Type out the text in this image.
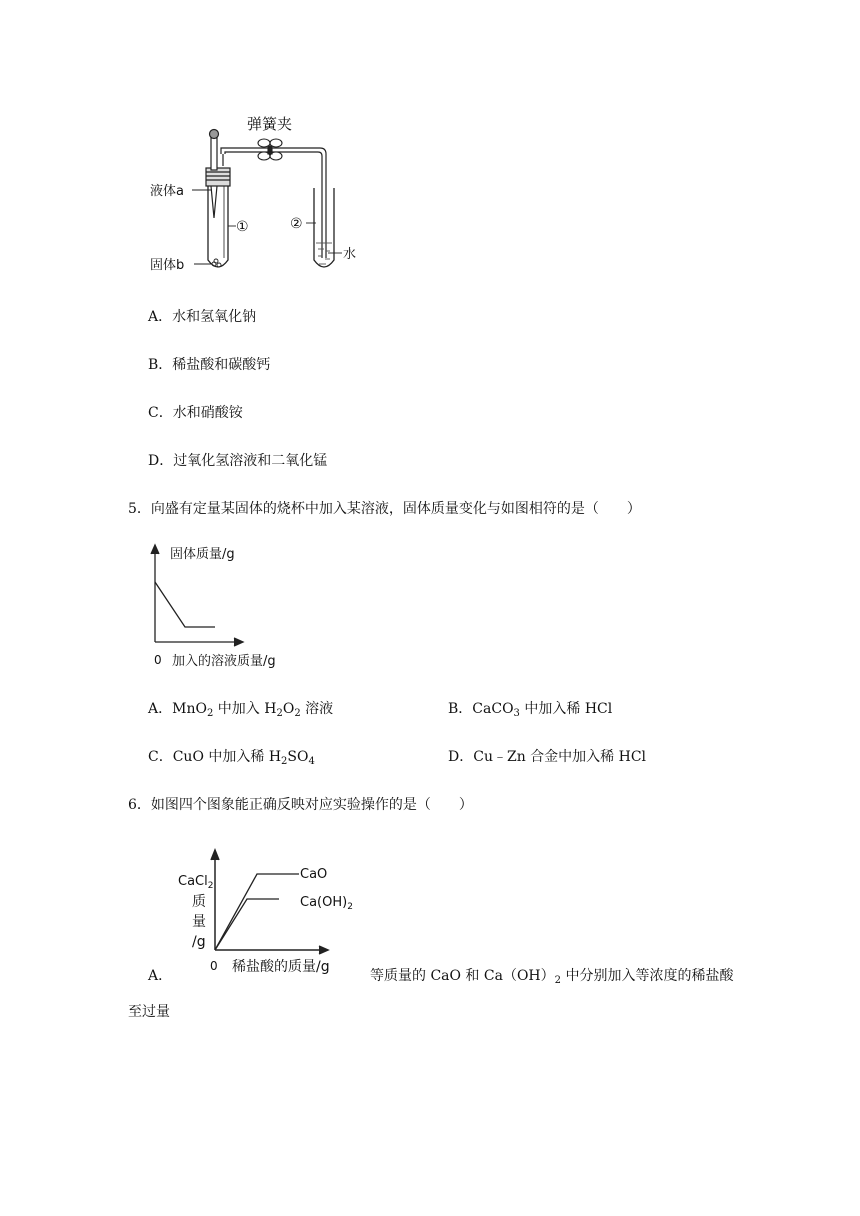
弹簧夹
液体a
固体b
①	②
水
A．水和氢氧化钠
B．稀盐酸和碳酸钙
C．水和硝酸铵
D．过氧化氢溶液和二氧化锰
5．向盛有定量某固体的烧杯中加入某溶液，固体质量变化与如图相符的是（　　）
固体质量/g
0 加入的溶液质量/g
A．MnO$_2$ 中加入 $H_2O_2$ 溶液	B．CaCO$_3$ 中加入稀 HCl
C．CuO 中加入稀 $H_2SO_4$	D．Cu﹣Zn 合金中加入稀 HCl
6．如图四个图象能正确反映对应实验操作的是（　　）
CaCl$_2$
质
量
/g
CaO
$Ca(OH)_2$
0 稀盐酸的质量/g
A．	等质量的 CaO 和 $Ca(OH)_2$ 中分别加入等浓度的稀盐酸
至过量
